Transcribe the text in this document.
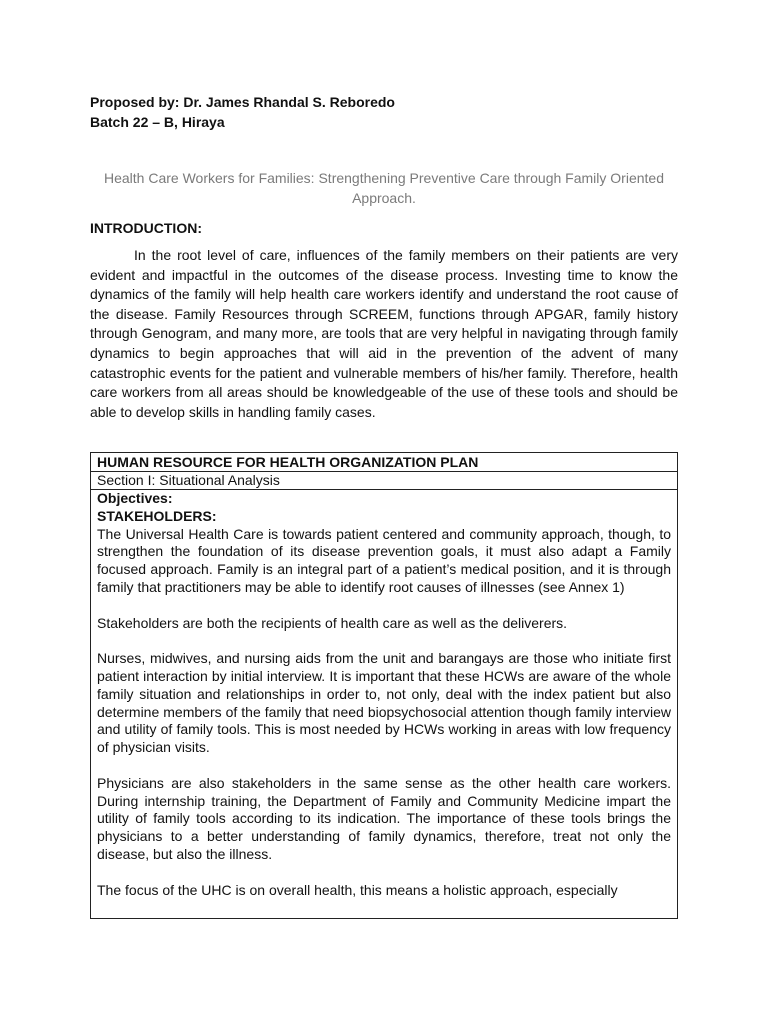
Proposed by: Dr. James Rhandal S. Reboredo
Batch 22 – B, Hiraya
Health Care Workers for Families: Strengthening Preventive Care through Family Oriented Approach.
INTRODUCTION:

In the root level of care, influences of the family members on their patients are very evident and impactful in the outcomes of the disease process. Investing time to know the dynamics of the family will help health care workers identify and understand the root cause of the disease. Family Resources through SCREEM, functions through APGAR, family history through Genogram, and many more, are tools that are very helpful in navigating through family dynamics to begin approaches that will aid in the prevention of the advent of many catastrophic events for the patient and vulnerable members of his/her family. Therefore, health care workers from all areas should be knowledgeable of the use of these tools and should be able to develop skills in handling family cases.

HUMAN RESOURCE FOR HEALTH ORGANIZATION PLAN
Section I: Situational Analysis
Objectives:
STAKEHOLDERS:

The Universal Health Care is towards patient centered and community approach, though, to strengthen the foundation of its disease prevention goals, it must also adapt a Family focused approach. Family is an integral part of a patient’s medical position, and it is through family that practitioners may be able to identify root causes of illnesses (see Annex 1)

Stakeholders are both the recipients of health care as well as the deliverers.

Nurses, midwives, and nursing aids from the unit and barangays are those who initiate first patient interaction by initial interview. It is important that these HCWs are aware of the whole family situation and relationships in order to, not only, deal with the index patient but also determine members of the family that need biopsychosocial attention though family interview and utility of family tools. This is most needed by HCWs working in areas with low frequency of physician visits.

Physicians are also stakeholders in the same sense as the other health care workers. During internship training, the Department of Family and Community Medicine impart the utility of family tools according to its indication. The importance of these tools brings the physicians to a better understanding of family dynamics, therefore, treat not only the disease, but also the illness.

The focus of the UHC is on overall health, this means a holistic approach, especially
